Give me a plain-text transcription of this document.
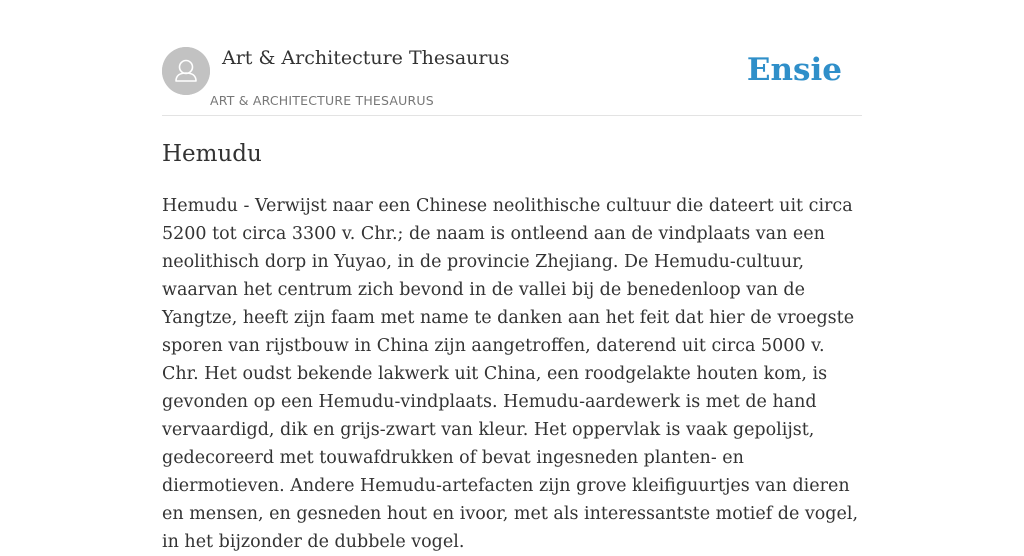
Art & Architecture Thesaurus
ART & ARCHITECTURE THESAURUS
Ensie
Hemudu

Hemudu - Verwijst naar een Chinese neolithische cultuur die dateert uit circa 5200 tot circa 3300 v. Chr.; de naam is ontleend aan de vindplaats van een neolithisch dorp in Yuyao, in de provincie Zhejiang. De Hemudu-cultuur, waarvan het centrum zich bevond in de vallei bij de benedenloop van de Yangtze, heeft zijn faam met name te danken aan het feit dat hier de vroegste sporen van rijstbouw in China zijn aangetroffen, daterend uit circa 5000 v. Chr. Het oudst bekende lakwerk uit China, een roodgelakte houten kom, is gevonden op een Hemudu-vindplaats. Hemudu-aardewerk is met de hand vervaardigd, dik en grijs-zwart van kleur. Het oppervlak is vaak gepolijst, gedecoreerd met touwafdrukken of bevat ingesneden planten- en diermotieven. Andere Hemudu-artefacten zijn grove kleifiguurtjes van dieren en mensen, en gesneden hout en ivoor, met als interessantste motief de vogel, in het bijzonder de dubbele vogel.
